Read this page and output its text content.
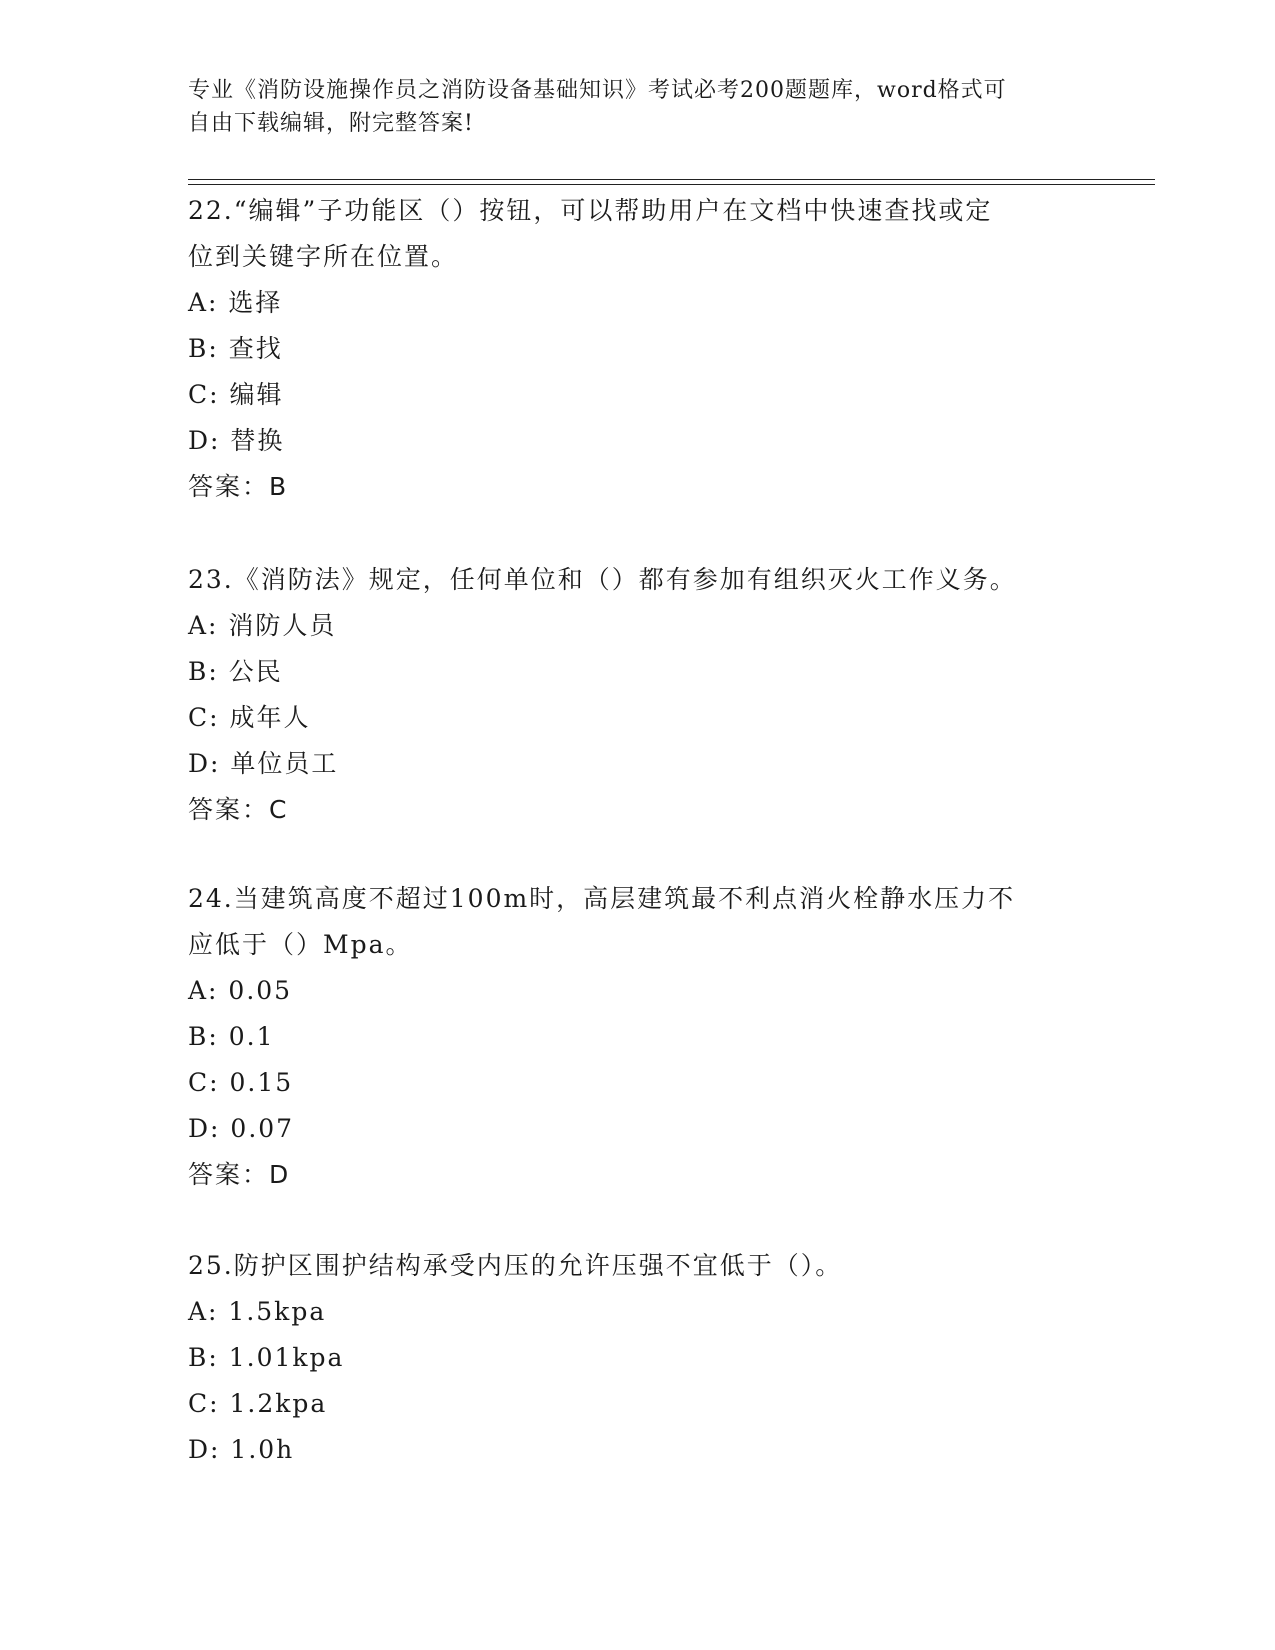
专业《消防设施操作员之消防设备基础知识》考试必考200题题库，word格式可
自由下载编辑，附完整答案!
22.“编辑”子功能区（）按钮，可以帮助用户在文档中快速查找或定
位到关键字所在位置。
A: 选择
B: 查找
C: 编辑
D: 替换
答案：B
23.《消防法》规定，任何单位和（）都有参加有组织灭火工作义务。
A: 消防人员
B: 公民
C: 成年人
D: 单位员工
答案：C
24.当建筑高度不超过100m时，高层建筑最不利点消火栓静水压力不
应低于（）Mpa。
A: 0.05
B: 0.1
C: 0.15
D: 0.07
答案：D
25.防护区围护结构承受内压的允许压强不宜低于（）。
A: 1.5kpa
B: 1.01kpa
C: 1.2kpa
D: 1.0h
